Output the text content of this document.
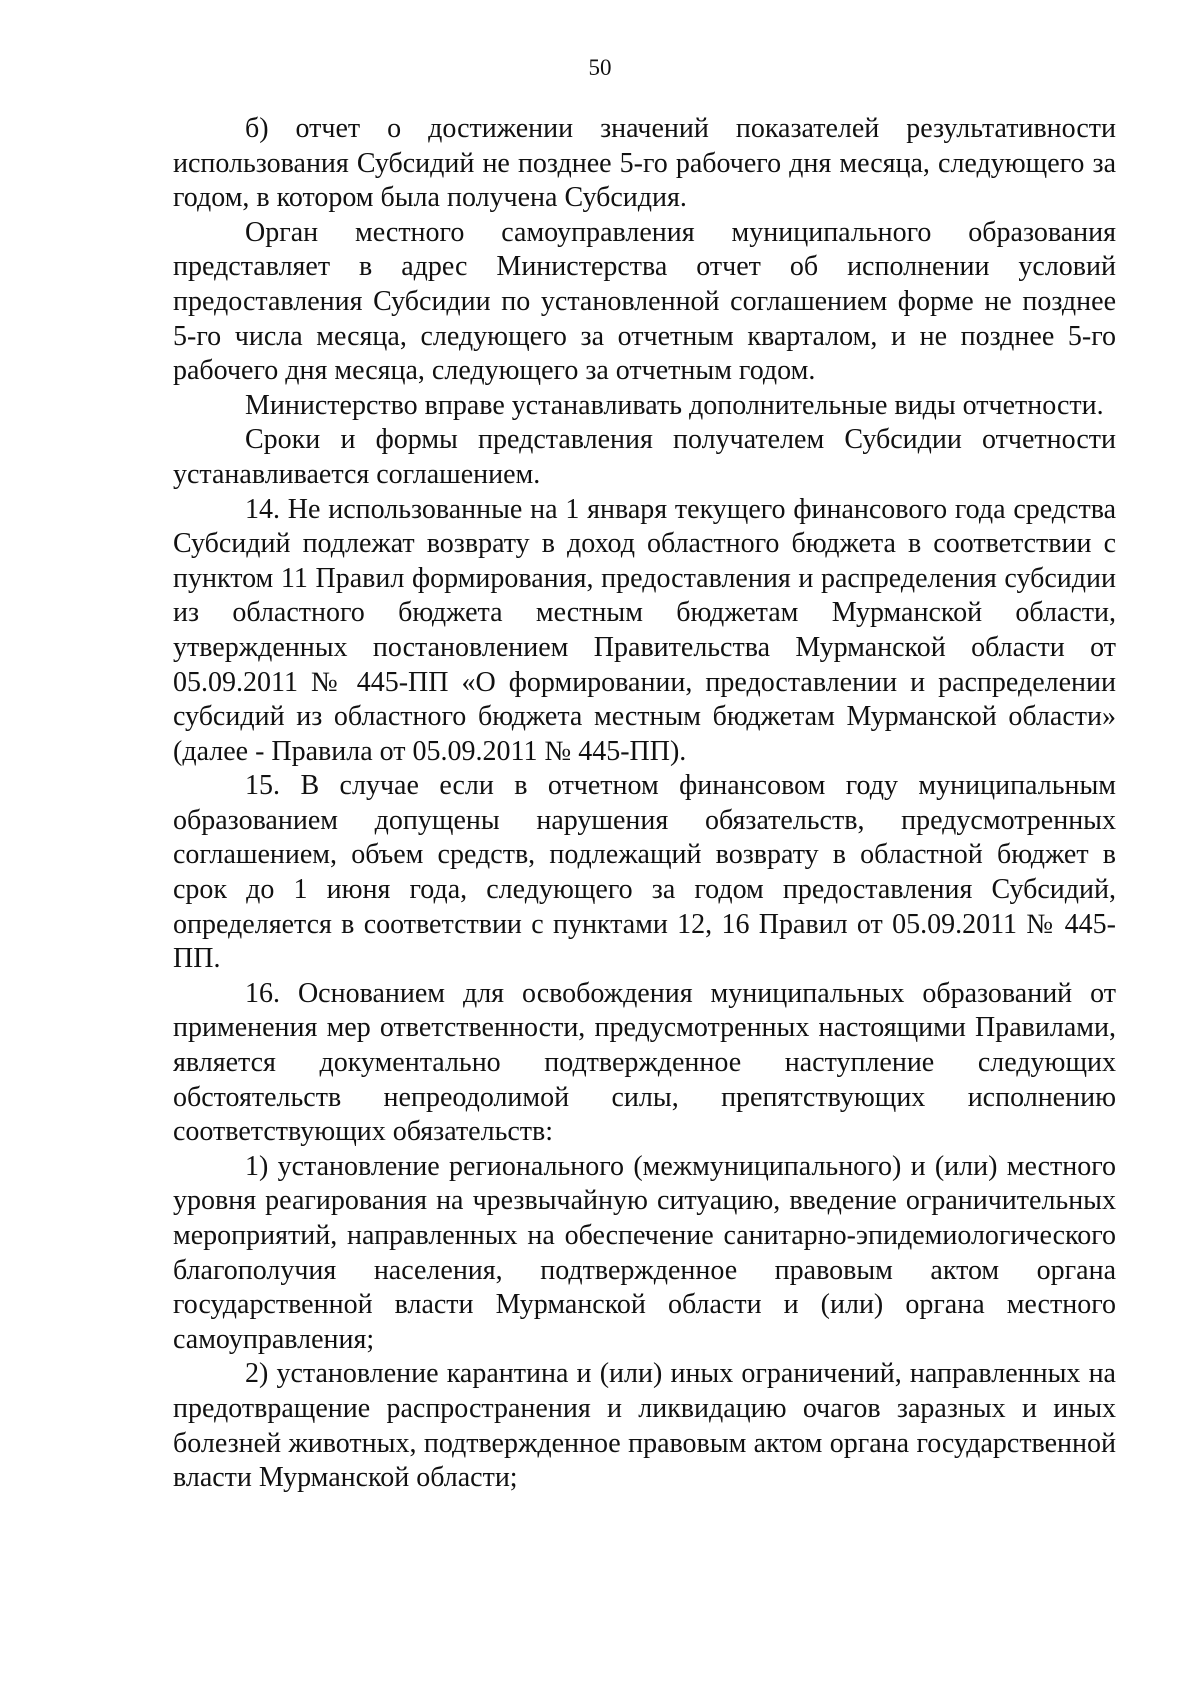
50

б) отчет о достижении значений показателей результативности использования Субсидий не позднее 5-го рабочего дня месяца, следующего за годом, в котором была получена Субсидия.

Орган местного самоуправления муниципального образования представляет в адрес Министерства отчет об исполнении условий предоставления Субсидии по установленной соглашением форме не позднее 5-го числа месяца, следующего за отчетным кварталом, и не позднее 5-го рабочего дня месяца, следующего за отчетным годом.

Министерство вправе устанавливать дополнительные виды отчетности.

Сроки и формы представления получателем Субсидии отчетности устанавливается соглашением.

14. Не использованные на 1 января текущего финансового года средства Субсидий подлежат возврату в доход областного бюджета в соответствии с пунктом 11 Правил формирования, предоставления и распределения субсидии из областного бюджета местным бюджетам Мурманской области, утвержденных постановлением Правительства Мурманской области от 05.09.2011 № 445-ПП «О формировании, предоставлении и распределении субсидий из областного бюджета местным бюджетам Мурманской области» (далее - Правила от 05.09.2011 № 445-ПП).

15. В случае если в отчетном финансовом году муниципальным образованием допущены нарушения обязательств, предусмотренных соглашением, объем средств, подлежащий возврату в областной бюджет в срок до 1 июня года, следующего за годом предоставления Субсидий, определяется в соответствии с пунктами 12, 16 Правил от 05.09.2011 № 445-ПП.

16. Основанием для освобождения муниципальных образований от применения мер ответственности, предусмотренных настоящими Правилами, является документально подтвержденное наступление следующих обстоятельств непреодолимой силы, препятствующих исполнению соответствующих обязательств:

1) установление регионального (межмуниципального) и (или) местного уровня реагирования на чрезвычайную ситуацию, введение ограничительных мероприятий, направленных на обеспечение санитарно-эпидемиологического благополучия населения, подтвержденное правовым актом органа государственной власти Мурманской области и (или) органа местного самоуправления;

2) установление карантина и (или) иных ограничений, направленных на предотвращение распространения и ликвидацию очагов заразных и иных болезней животных, подтвержденное правовым актом органа государственной власти Мурманской области;
